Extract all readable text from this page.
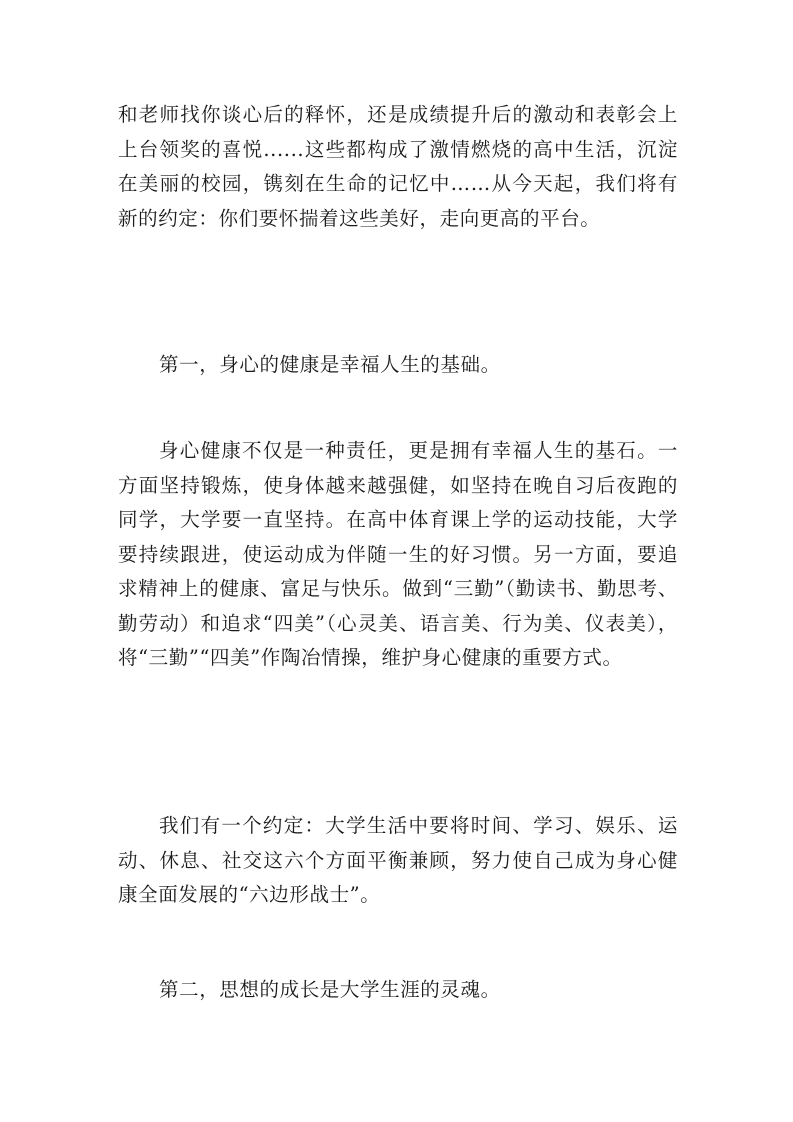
和老师找你谈心后的释怀，还是成绩提升后的激动和表彰会上上台领奖的喜悦......这些都构成了激情燃烧的高中生活，沉淀在美丽的校园，镌刻在生命的记忆中……从今天起，我们将有新的约定：你们要怀揣着这些美好，走向更高的平台。

第一，身心的健康是幸福人生的基础。

身心健康不仅是一种责任，更是拥有幸福人生的基石。一方面坚持锻炼，使身体越来越强健，如坚持在晚自习后夜跑的同学，大学要一直坚持。在高中体育课上学的运动技能，大学要持续跟进，使运动成为伴随一生的好习惯。另一方面，要追求精神上的健康、富足与快乐。做到“三勤”（勤读书、勤思考、勤劳动）和追求“四美”（心灵美、语言美、行为美、仪表美），将“三勤”“四美”作陶冶情操，维护身心健康的重要方式。

我们有一个约定：大学生活中要将时间、学习、娱乐、运动、休息、社交这六个方面平衡兼顾，努力使自己成为身心健康全面发展的“六边形战士”。

第二，思想的成长是大学生涯的灵魂。
